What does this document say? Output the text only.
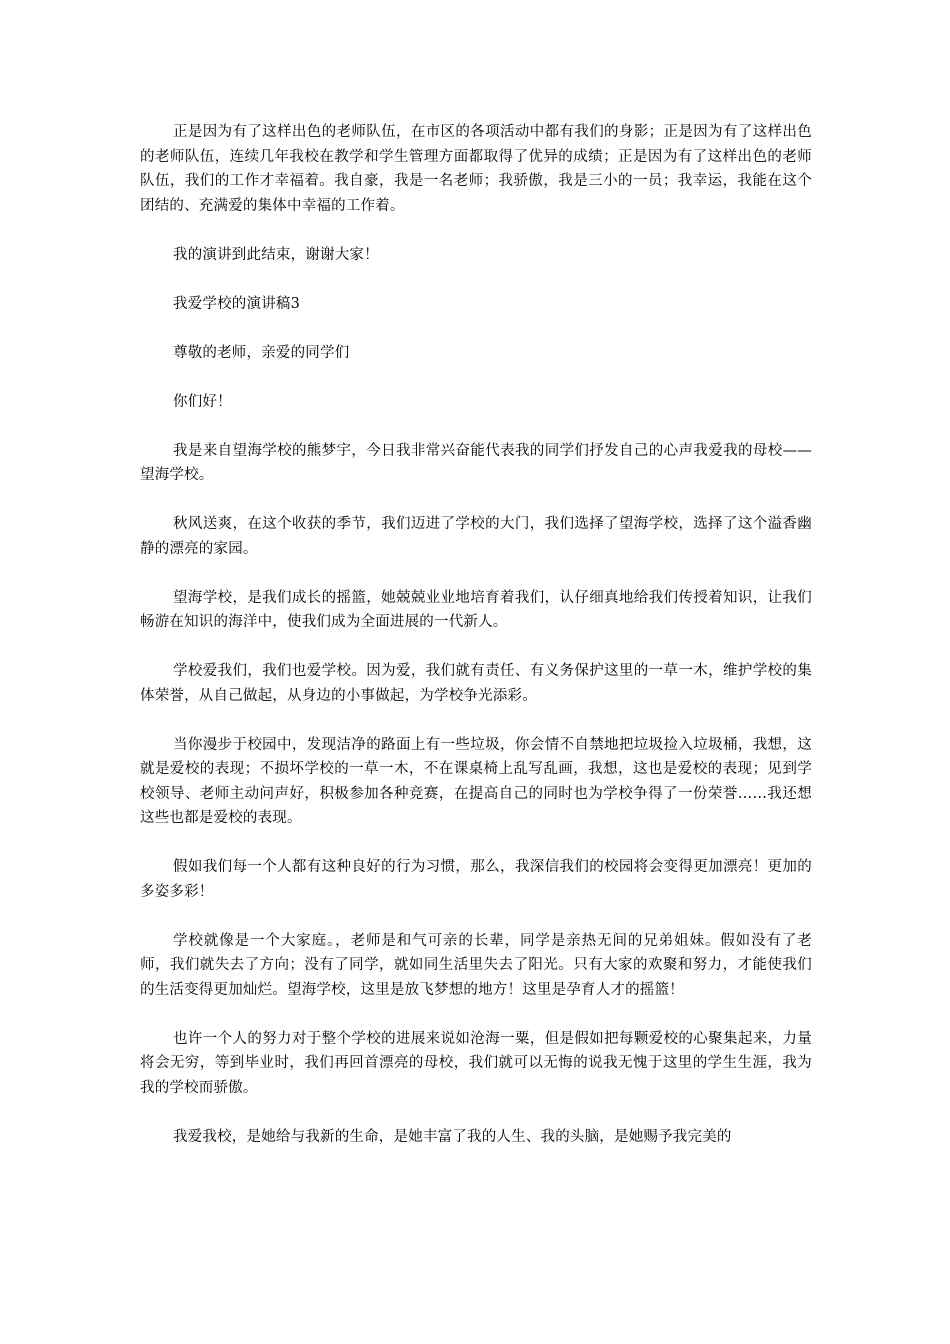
正是因为有了这样出色的老师队伍，在市区的各项活动中都有我们的身影；正是因为有了这样出色的老师队伍，连续几年我校在教学和学生管理方面都取得了优异的成绩；正是因为有了这样出色的老师队伍，我们的工作才幸福着。我自豪，我是一名老师；我骄傲，我是三小的一员；我幸运，我能在这个团结的、充满爱的集体中幸福的工作着。

我的演讲到此结束，谢谢大家！

我爱学校的演讲稿3

尊敬的老师，亲爱的同学们

你们好！

我是来自望海学校的熊梦宇，今日我非常兴奋能代表我的同学们抒发自己的心声我爱我的母校——望海学校。

秋风送爽，在这个收获的季节，我们迈进了学校的大门，我们选择了望海学校，选择了这个溢香幽静的漂亮的家园。

望海学校，是我们成长的摇篮，她兢兢业业地培育着我们，认仔细真地给我们传授着知识，让我们畅游在知识的海洋中，使我们成为全面进展的一代新人。

学校爱我们，我们也爱学校。因为爱，我们就有责任、有义务保护这里的一草一木，维护学校的集体荣誉，从自己做起，从身边的小事做起，为学校争光添彩。

当你漫步于校园中，发现洁净的路面上有一些垃圾，你会情不自禁地把垃圾捡入垃圾桶，我想，这就是爱校的表现；不损坏学校的一草一木，不在课桌椅上乱写乱画，我想，这也是爱校的表现；见到学校领导、老师主动问声好，积极参加各种竞赛，在提高自己的同时也为学校争得了一份荣誉……我还想这些也都是爱校的表现。

假如我们每一个人都有这种良好的行为习惯，那么，我深信我们的校园将会变得更加漂亮！更加的多姿多彩！

学校就像是一个大家庭。，老师是和气可亲的长辈，同学是亲热无间的兄弟姐妹。假如没有了老师，我们就失去了方向；没有了同学，就如同生活里失去了阳光。只有大家的欢聚和努力，才能使我们的生活变得更加灿烂。望海学校，这里是放飞梦想的地方！这里是孕育人才的摇篮！

也许一个人的努力对于整个学校的进展来说如沧海一粟，但是假如把每颗爱校的心聚集起来，力量将会无穷，等到毕业时，我们再回首漂亮的母校，我们就可以无悔的说我无愧于这里的学生生涯，我为我的学校而骄傲。

我爱我校，是她给与我新的生命，是她丰富了我的人生、我的头脑，是她赐予我完美的
